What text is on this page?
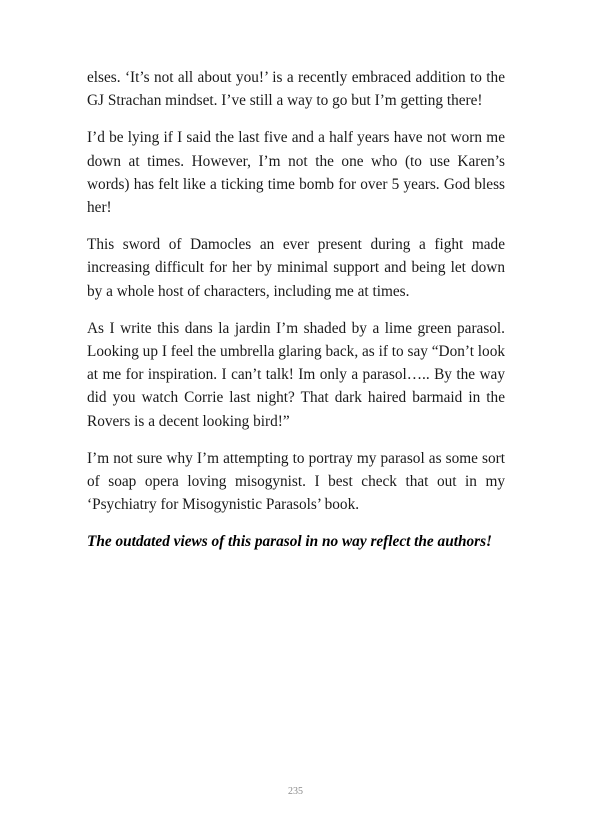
elses. ‘It’s not all about you!’ is a recently embraced addition to the GJ Strachan mindset. I’ve still a way to go but I’m getting there!

I’d be lying if I said the last five and a half years have not worn me down at times. However, I’m not the one who (to use Karen’s words) has felt like a ticking time bomb for over 5 years. God bless her!

This sword of Damocles an ever present during a fight made increasing difficult for her by minimal support and being let down by a whole host of characters, including me at times.

As I write this dans la jardin I’m shaded by a lime green parasol. Looking up I feel the umbrella glaring back, as if to say “Don’t look at me for inspiration. I can’t talk! Im only a parasol….. By the way did you watch Corrie last night? That dark haired barmaid in the Rovers is a decent looking bird!”

I’m not sure why I’m attempting to portray my parasol as some sort of soap opera loving misogynist. I best check that out in my ‘Psychiatry for Misogynistic Parasols’ book.

The outdated views of this parasol in no way reflect the authors!

235
